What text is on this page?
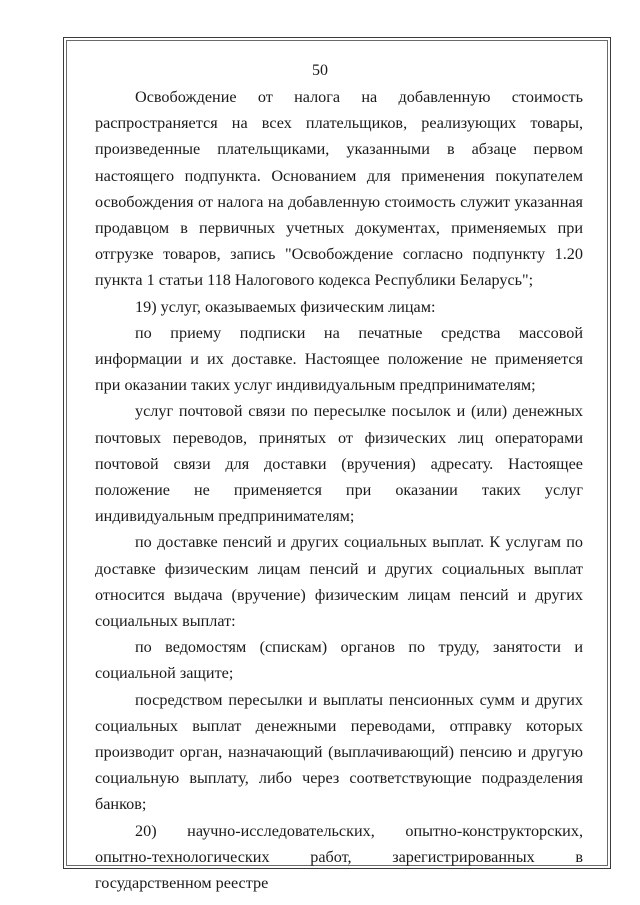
50

Освобождение от налога на добавленную стоимость распространяется на всех плательщиков, реализующих товары, произведенные плательщиками, указанными в абзаце первом настоящего подпункта. Основанием для применения покупателем освобождения от налога на добавленную стоимость служит указанная продавцом в первичных учетных документах, применяемых при отгрузке товаров, запись "Освобождение согласно подпункту 1.20 пункта 1 статьи 118 Налогового кодекса Республики Беларусь";

19) услуг, оказываемых физическим лицам:

по приему подписки на печатные средства массовой информации и их доставке. Настоящее положение не применяется при оказании таких услуг индивидуальным предпринимателям;

услуг почтовой связи по пересылке посылок и (или) денежных почтовых переводов, принятых от физических лиц операторами почтовой связи для доставки (вручения) адресату. Настоящее положение не применяется при оказании таких услуг индивидуальным предпринимателям;

по доставке пенсий и других социальных выплат. К услугам по доставке физическим лицам пенсий и других социальных выплат относится выдача (вручение) физическим лицам пенсий и других социальных выплат:

по ведомостям (спискам) органов по труду, занятости и социальной защите;

посредством пересылки и выплаты пенсионных сумм и других социальных выплат денежными переводами, отправку которых производит орган, назначающий (выплачивающий) пенсию и другую социальную выплату, либо через соответствующие подразделения банков;

20) научно-исследовательских, опытно-конструкторских, опытно-технологических работ, зарегистрированных в государственном реестре
